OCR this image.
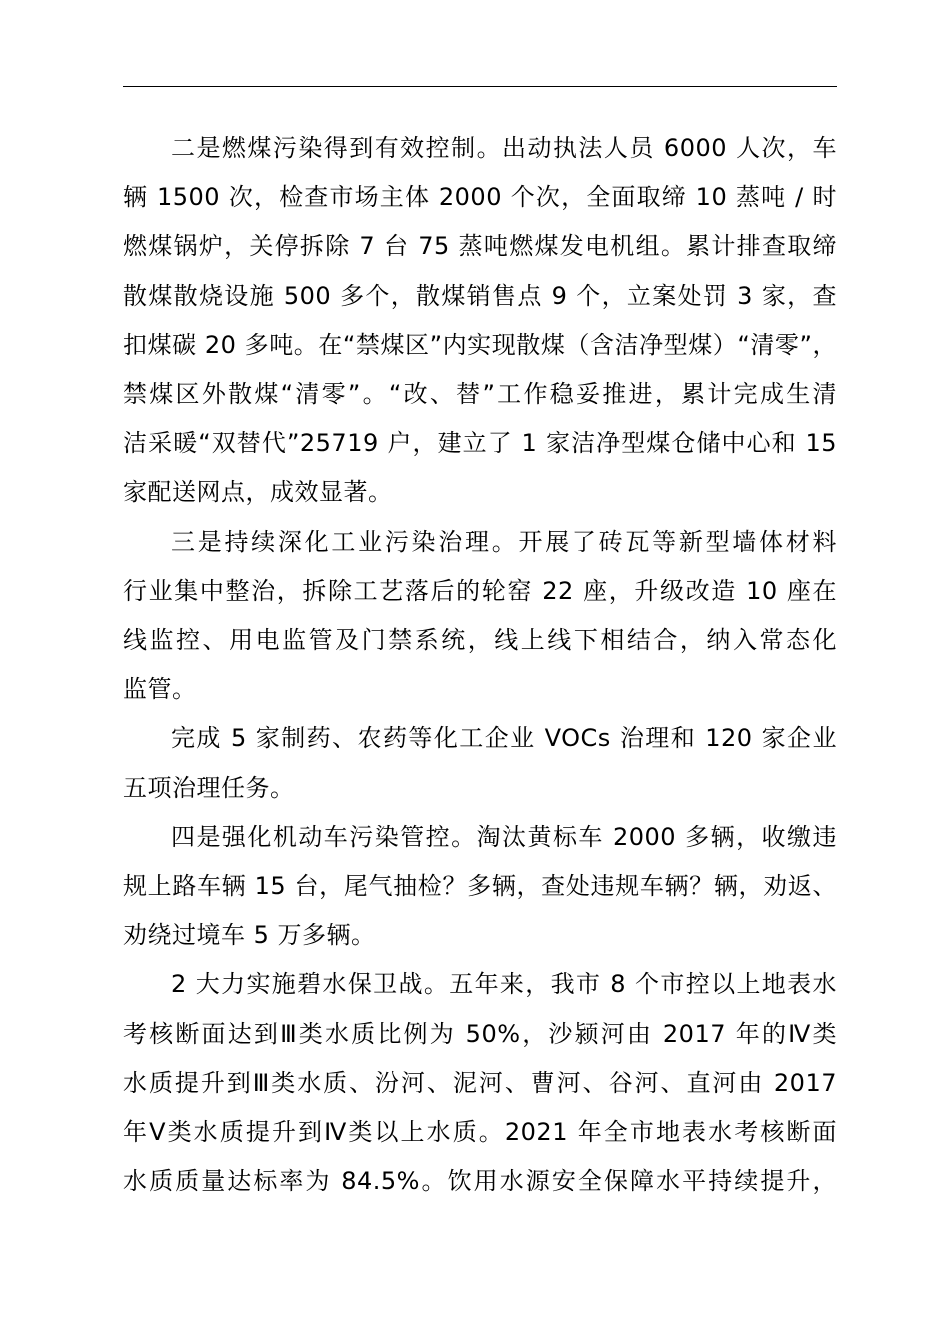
二是燃煤污染得到有效控制。出动执法人员 6000 人次，车
辆 1500 次，检查市场主体 2000 个次，全面取缔 10 蒸吨 / 时
燃煤锅炉，关停拆除 7 台 75 蒸吨燃煤发电机组。累计排查取缔
散煤散烧设施 500 多个，散煤销售点 9 个，立案处罚 3 家，查
扣煤碳 20 多吨。在“禁煤区”内实现散煤（含洁净型煤）“清零”，
禁煤区外散煤“清零”。“改、替”工作稳妥推进，累计完成生清
洁采暖“双替代”25719 户，建立了 1 家洁净型煤仓储中心和 15
家配送网点，成效显著。
三是持续深化工业污染治理。开展了砖瓦等新型墙体材料
行业集中整治，拆除工艺落后的轮窑 22 座，升级改造 10 座在
线监控、用电监管及门禁系统，线上线下相结合，纳入常态化
监管。
完成 5 家制药、农药等化工企业 VOCs 治理和 120 家企业
五项治理任务。
四是强化机动车污染管控。淘汰黄标车 2000 多辆，收缴违
规上路车辆 15 台，尾气抽检？多辆，查处违规车辆？辆，劝返、
劝绕过境车 5 万多辆。
2 大力实施碧水保卫战。五年来，我市 8 个市控以上地表水
考核断面达到Ⅲ类水质比例为 50%，沙颍河由 2017 年的Ⅳ类
水质提升到Ⅲ类水质、汾河、泥河、曹河、谷河、直河由 2017
年Ⅴ类水质提升到Ⅳ类以上水质。2021 年全市地表水考核断面
水质质量达标率为 84.5%。饮用水源安全保障水平持续提升，
